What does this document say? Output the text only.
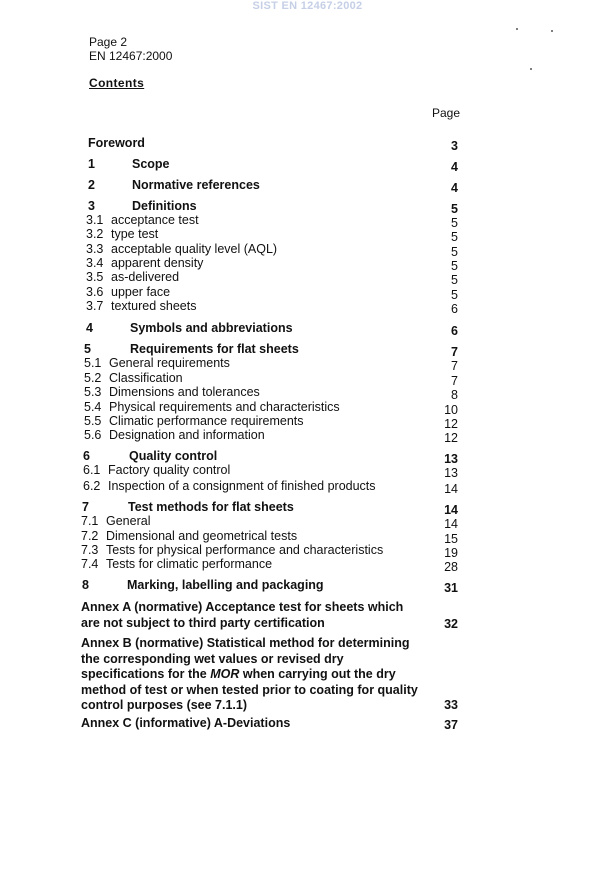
SIST EN 12467:2002
Page 2
EN 12467:2000
Contents
Page
Foreword	3
1	Scope	4
2	Normative references	4
3	Definitions	5
3.1 acceptance test	5
3.2 type test	5
3.3 acceptable quality level (AQL)	5
3.4 apparent density	5
3.5 as-delivered	5
3.6 upper face	5
3.7 textured sheets	6
4	Symbols and abbreviations	6
5	Requirements for flat sheets	7
5.1 General requirements	7
5.2 Classification	7
5.3 Dimensions and tolerances	8
5.4 Physical requirements and characteristics	10
5.5 Climatic performance requirements	12
5.6 Designation and information	12
6	Quality control	13
6.1 Factory quality control	13
6.2 Inspection of a consignment of finished products	14
7	Test methods for flat sheets	14
7.1 General	14
7.2 Dimensional and geometrical tests	15
7.3 Tests for physical performance and characteristics	19
7.4 Tests for climatic performance	28
8	Marking, labelling and packaging	31
Annex A (normative) Acceptance test for sheets which
are not subject to third party certification	32
Annex B (normative) Statistical method for determining
the corresponding wet values or revised dry
specifications for the MOR when carrying out the dry
method of test or when tested prior to coating for quality
control purposes (see 7.1.1)	33
Annex C (informative) A-Deviations	37
